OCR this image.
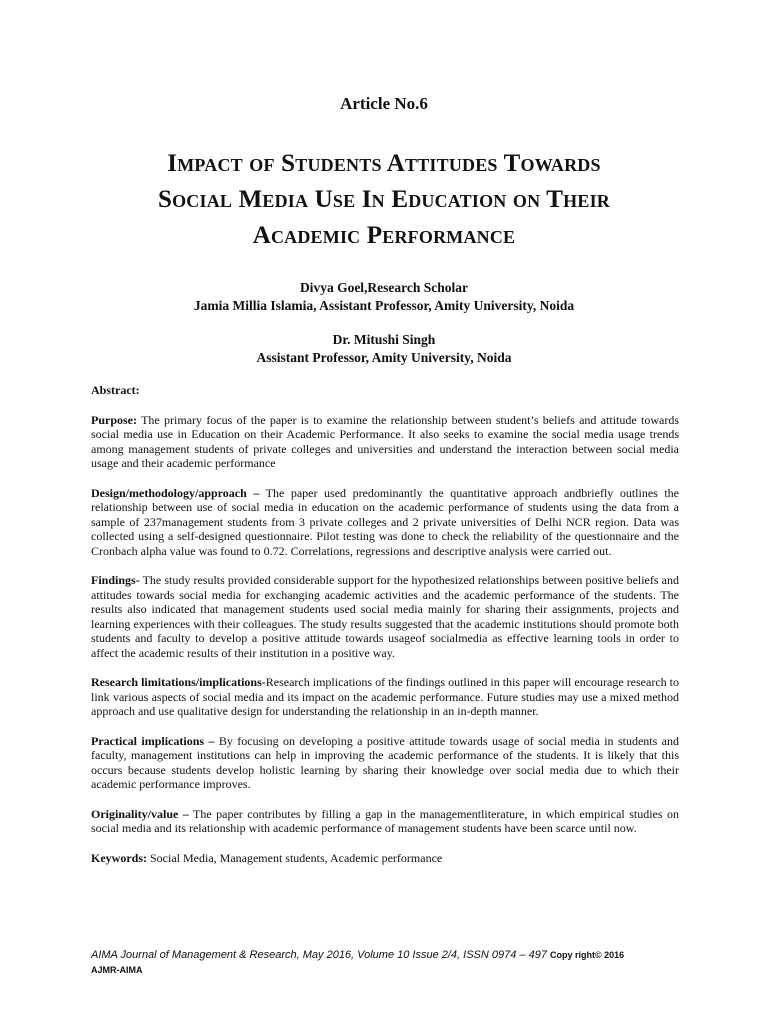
Article No.6
Impact of Students Attitudes Towards
Social Media Use In Education on Their
Academic Performance
Divya Goel,Research Scholar
Jamia Millia Islamia, Assistant Professor, Amity University, Noida
Dr. Mitushi Singh
Assistant Professor, Amity University, Noida

Abstract:

Purpose: The primary focus of the paper is to examine the relationship between student’s beliefs and attitude towards social media use in Education on their Academic Performance. It also seeks to examine the social media usage trends among management students of private colleges and universities and understand the interaction between social media usage and their academic performance

Design/methodology/approach – The paper used predominantly the quantitative approach andbriefly outlines the relationship between use of social media in education on the academic performance of students using the data from a sample of 237management students from 3 private colleges and 2 private universities of Delhi NCR region. Data was collected using a self-designed questionnaire. Pilot testing was done to check the reliability of the questionnaire and the Cronbach alpha value was found to 0.72. Correlations, regressions and descriptive analysis were carried out.

Findings- The study results provided considerable support for the hypothesized relationships between positive beliefs and attitudes towards social media for exchanging academic activities and the academic performance of the students. The results also indicated that management students used social media mainly for sharing their assignments, projects and learning experiences with their colleagues. The study results suggested that the academic institutions should promote both students and faculty to develop a positive attitude towards usageof socialmedia as effective learning tools in order to affect the academic results of their institution in a positive way.

Research limitations/implications-Research implications of the findings outlined in this paper will encourage research to link various aspects of social media and its impact on the academic performance. Future studies may use a mixed method approach and use qualitative design for understanding the relationship in an in-depth manner.

Practical implications – By focusing on developing a positive attitude towards usage of social media in students and faculty, management institutions can help in improving the academic performance of the students. It is likely that this occurs because students develop holistic learning by sharing their knowledge over social media due to which their academic performance improves.

Originality/value – The paper contributes by filling a gap in the managementliterature, in which empirical studies on social media and its relationship with academic performance of management students have been scarce until now.

Keywords: Social Media, Management students, Academic performance

AIMA Journal of Management & Research, May 2016, Volume 10 Issue 2/4, ISSN 0974 – 497 Copy right© 2016
AJMR-AIMA
